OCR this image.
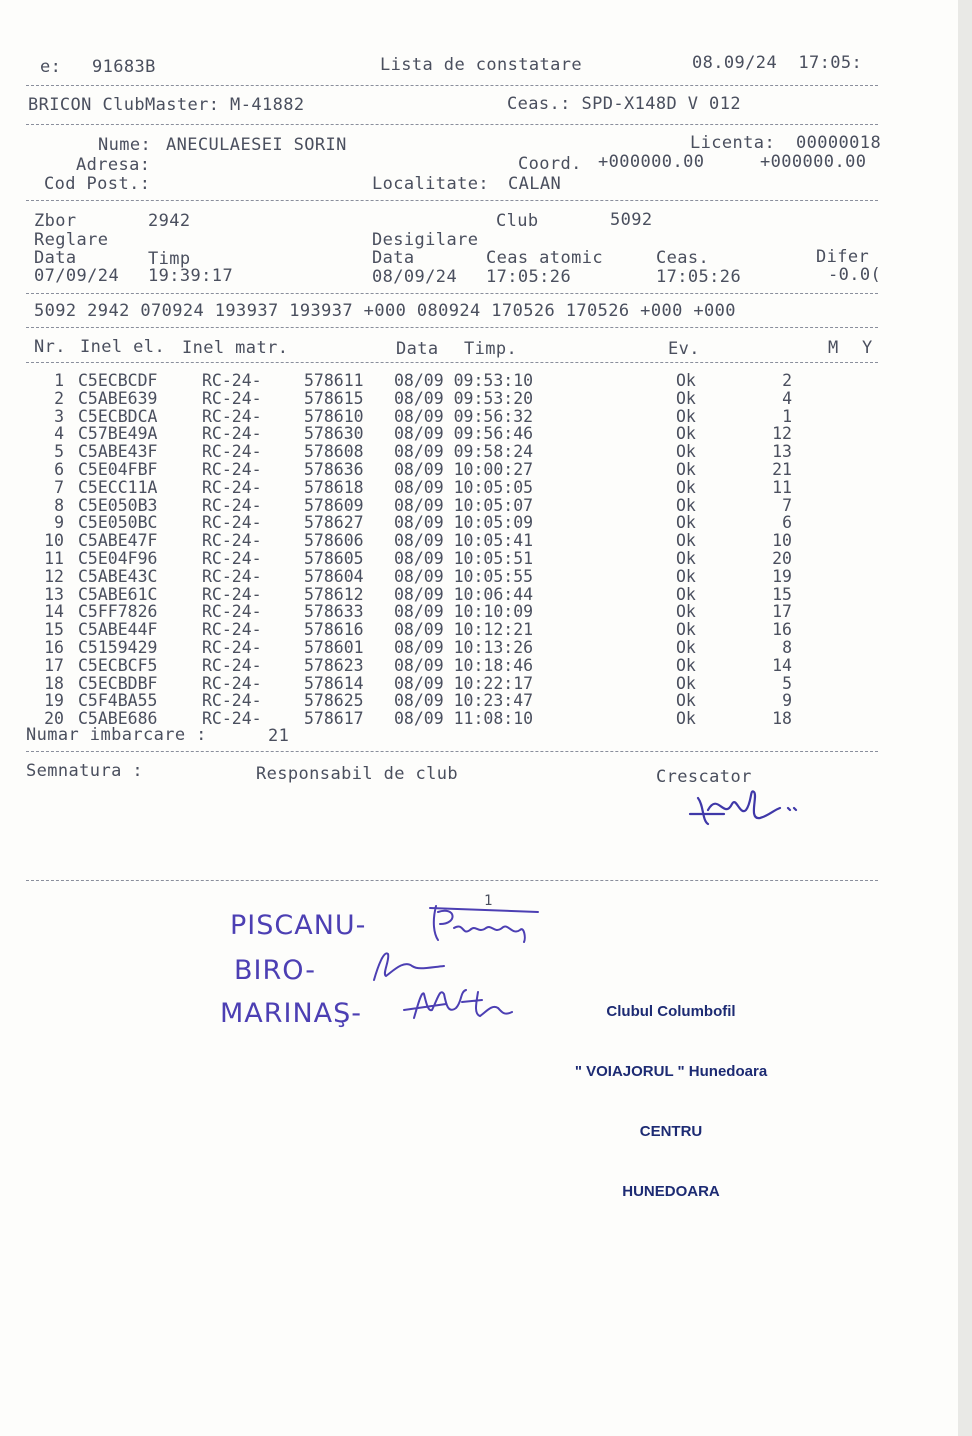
e: 91683B	Lista de constatare	08.09/24  17:05:
BRICON ClubMaster: M-41882	Ceas.: SPD-X148D V 012
Nume: ANECULAESEI SORIN	Licenta: 00000018
Adresa:	Coord. +000000.00	+000000.00
Cod Post.:	Localitate: CALAN
Zbor	2942	Club	5092
Reglare	Desigilare
Data	Timp	Data	Ceas atomic	Ceas.	Difer
07/09/24 19:39:17	08/09/24 17:05:26	17:05:26	-0.0(
5092 2942 070924 193937 193937 +000 080924 170526 170526 +000 +000
Nr. Inel el. Inel matr.	Data Timp.	Ev.	M Y
1 C5ECBCDF	RC-24-	578611 08/09 09:53:10	Ok	2
2 C5ABE639	RC-24-	578615 08/09 09:53:20	Ok	4
3 C5ECBDCA	RC-24-	578610 08/09 09:56:32	Ok	1
4 C57BE49A	RC-24-	578630 08/09 09:56:46	Ok	12
5 C5ABE43F	RC-24-	578608 08/09 09:58:24	Ok	13
6 C5E04FBF	RC-24-	578636 08/09 10:00:27	Ok	21
7 C5ECC11A	RC-24-	578618 08/09 10:05:05	Ok	11
8 C5E050B3	RC-24-	578609 08/09 10:05:07	Ok	7
9 C5E050BC	RC-24-	578627 08/09 10:05:09	Ok	6
10 C5ABE47F	RC-24-	578606 08/09 10:05:41	Ok	10
11 C5E04F96	RC-24-	578605 08/09 10:05:51	Ok	20
12 C5ABE43C	RC-24-	578604 08/09 10:05:55	Ok	19
13 C5ABE61C	RC-24-	578612 08/09 10:06:44	Ok	15
14 C5FF7826	RC-24-	578633 08/09 10:10:09	Ok	17
15 C5ABE44F	RC-24-	578616 08/09 10:12:21	Ok	16
16 C5159429	RC-24-	578601 08/09 10:13:26	Ok	8
17 C5ECBCF5	RC-24-	578623 08/09 10:18:46	Ok	14
18 C5ECBDBF	RC-24-	578614 08/09 10:22:17	Ok	5
19 C5F4BA55	RC-24-	578625 08/09 10:23:47	Ok	9
20 C5ABE686	RC-24-	578617 08/09 11:08:10	Ok	18
Numar imbarcare :	21
Semnatura :	Responsabil de club	Crescator
1
PISCANU-
BIRO-
MARINAŞ-

	Clubul Columbofil

" VOIAJORUL " Hunedoara

CENTRU

HUNEDOARA
